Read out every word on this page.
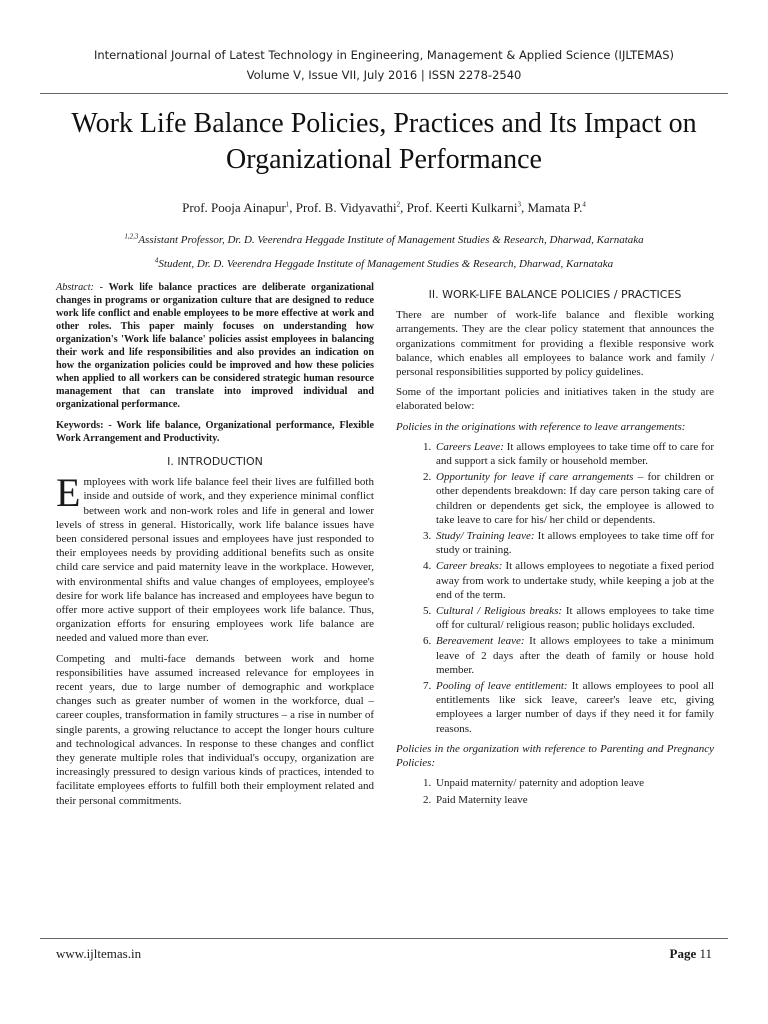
International Journal of Latest Technology in Engineering, Management & Applied Science (IJLTEMAS)
Volume V, Issue VII, July 2016 | ISSN 2278-2540
Work Life Balance Policies, Practices and Its Impact on Organizational Performance
Prof. Pooja Ainapur$^1$, Prof. B. Vidyavathi$^2$, Prof. Keerti Kulkarni$^3$, Mamata P.$^4$
$^{1,2,3}$Assistant Professor, Dr. D. Veerendra Heggade Institute of Management Studies & Research, Dharwad, Karnataka
$^4$Student, Dr. D. Veerendra Heggade Institute of Management Studies & Research, Dharwad, Karnataka

Abstract: - Work life balance practices are deliberate organizational changes in programs or organization culture that are designed to reduce work life conflict and enable employees to be more effective at work and other roles. This paper mainly focuses on understanding how organization's 'Work life balance' policies assist employees in balancing their work and life responsibilities and also provides an indication on how the organization policies could be improved and how these policies when applied to all workers can be considered strategic human resource management that can translate into improved individual and organizational performance.

Keywords: - Work life balance, Organizational performance, Flexible Work Arrangement and Productivity.

I. INTRODUCTION

Employees with work life balance feel their lives are fulfilled both inside and outside of work, and they experience minimal conflict between work and non-work roles and life in general and lower levels of stress in general. Historically, work life balance issues have been considered personal issues and employees have just responded to their employees needs by providing additional benefits such as onsite child care service and paid maternity leave in the workplace. However, with environmental shifts and value changes of employees, employee's desire for work life balance has increased and employees have begun to offer more active support of their employees work life balance. Thus, organization efforts for ensuring employees work life balance are needed and valued more than ever.

Competing and multi-face demands between work and home responsibilities have assumed increased relevance for employees in recent years, due to large number of demographic and workplace changes such as greater number of women in the workforce, dual – career couples, transformation in family structures – a rise in number of single parents, a growing reluctance to accept the longer hours culture and technological advances. In response to these changes and conflict they generate multiple roles that individual's occupy, organization are increasingly pressured to design various kinds of practices, intended to facilitate employees efforts to fulfill both their employment related and their personal commitments.

II. WORK-LIFE BALANCE POLICIES / PRACTICES

There are number of work-life balance and flexible working arrangements. They are the clear policy statement that announces the organizations commitment for providing a flexible responsive work balance, which enables all employees to balance work and family / personal responsibilities supported by policy guidelines.

Some of the important policies and initiatives taken in the study are elaborated below:

Policies in the originations with reference to leave arrangements:

1. Careers Leave: It allows employees to take time off to care for and support a sick family or household member.
2. Opportunity for leave if care arrangements – for children or other dependents breakdown: If day care person taking care of children or dependents get sick, the employee is allowed to take leave to care for his/ her child or dependents.
3. Study/ Training leave: It allows employees to take time off for study or training.
4. Career breaks: It allows employees to negotiate a fixed period away from work to undertake study, while keeping a job at the end of the term.
5. Cultural / Religious breaks: It allows employees to take time off for cultural/ religious reason; public holidays excluded.
6. Bereavement leave: It allows employees to take a minimum leave of 2 days after the death of family or house hold member.
7. Pooling of leave entitlement: It allows employees to pool all entitlements like sick leave, career's leave etc, giving employees a larger number of days if they need it for family reasons.

Policies in the organization with reference to Parenting and Pregnancy Policies:

1. Unpaid maternity/ paternity and adoption leave
2. Paid Maternity leave
www.ijltemas.in	Page 11
